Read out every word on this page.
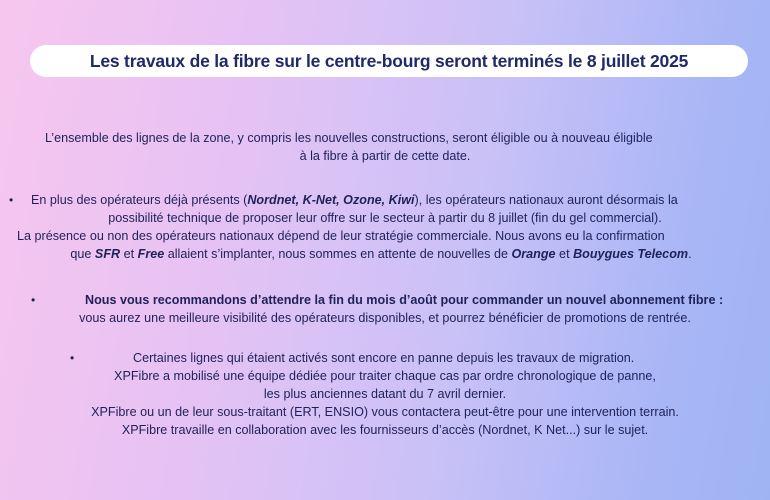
Les travaux de la fibre sur le centre-bourg seront terminés le 8 juillet 2025
L’ensemble des lignes de la zone, y compris les nouvelles constructions, seront éligible ou à nouveau éligible
à la fibre à partir de cette date.
•	En plus des opérateurs déjà présents (Nordnet, K-Net, Ozone, Kiwi), les opérateurs nationaux auront désormais la
possibilité technique de proposer leur offre sur le secteur à partir du 8 juillet (fin du gel commercial).
La présence ou non des opérateurs nationaux dépend de leur stratégie commerciale. Nous avons eu la confirmation
que SFR et Free allaient s’implanter, nous sommes en attente de nouvelles de Orange et Bouygues Telecom.
•	Nous vous recommandons d’attendre la fin du mois d’août pour commander un nouvel abonnement fibre :
vous aurez une meilleure visibilité des opérateurs disponibles, et pourrez bénéficier de promotions de rentrée.
•	Certaines lignes qui étaient activés sont encore en panne depuis les travaux de migration.
XPFibre a mobilisé une équipe dédiée pour traiter chaque cas par ordre chronologique de panne,
les plus anciennes datant du 7 avril dernier.
XPFibre ou un de leur sous-traitant (ERT, ENSIO) vous contactera peut-être pour une intervention terrain.
XPFibre travaille en collaboration avec les fournisseurs d’accès (Nordnet, K Net...) sur le sujet.
